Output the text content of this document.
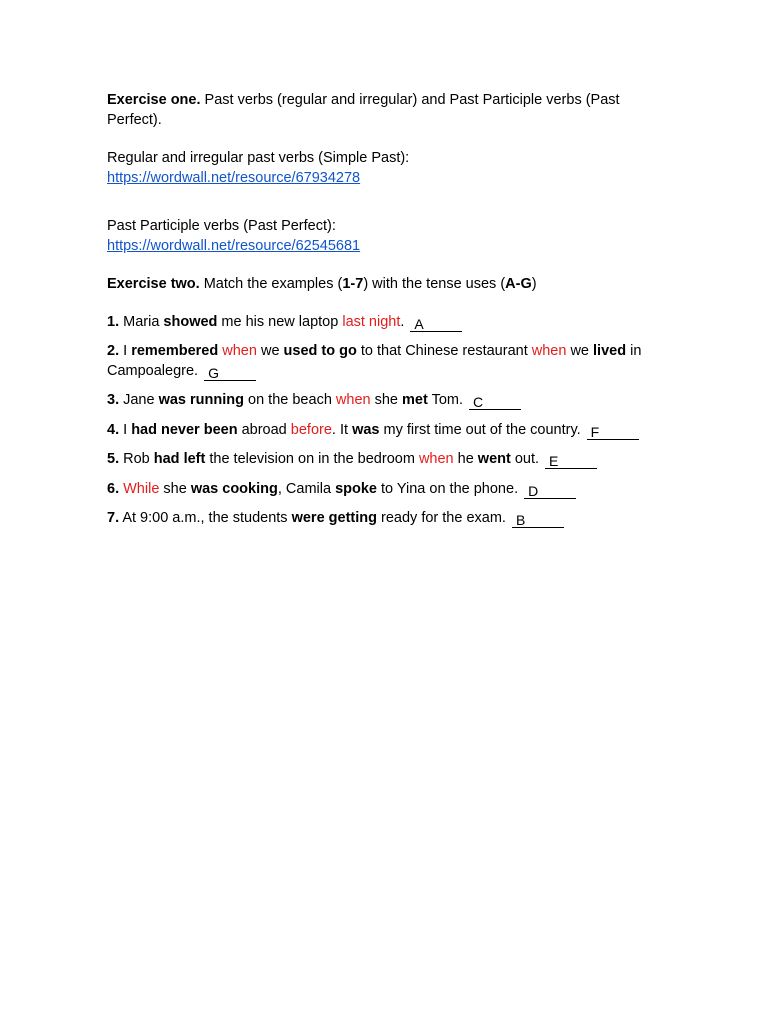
Exercise one. Past verbs (regular and irregular) and Past Participle verbs (Past Perfect).

Regular and irregular past verbs (Simple Past):

https://wordwall.net/resource/67934278

Past Participle verbs (Past Perfect):

https://wordwall.net/resource/62545681

Exercise two. Match the examples (1-7) with the tense uses (A-G)

1. Maria showed me his new laptop last night. A

2. I remembered when we used to go to that Chinese restaurant when we lived in Campoalegre. G

3. Jane was running on the beach when she met Tom. C

4. I had never been abroad before. It was my first time out of the country. F

5. Rob had left the television on in the bedroom when he went out. E

6. While she was cooking, Camila spoke to Yina on the phone. D

7. At 9:00 a.m., the students were getting ready for the exam. B
